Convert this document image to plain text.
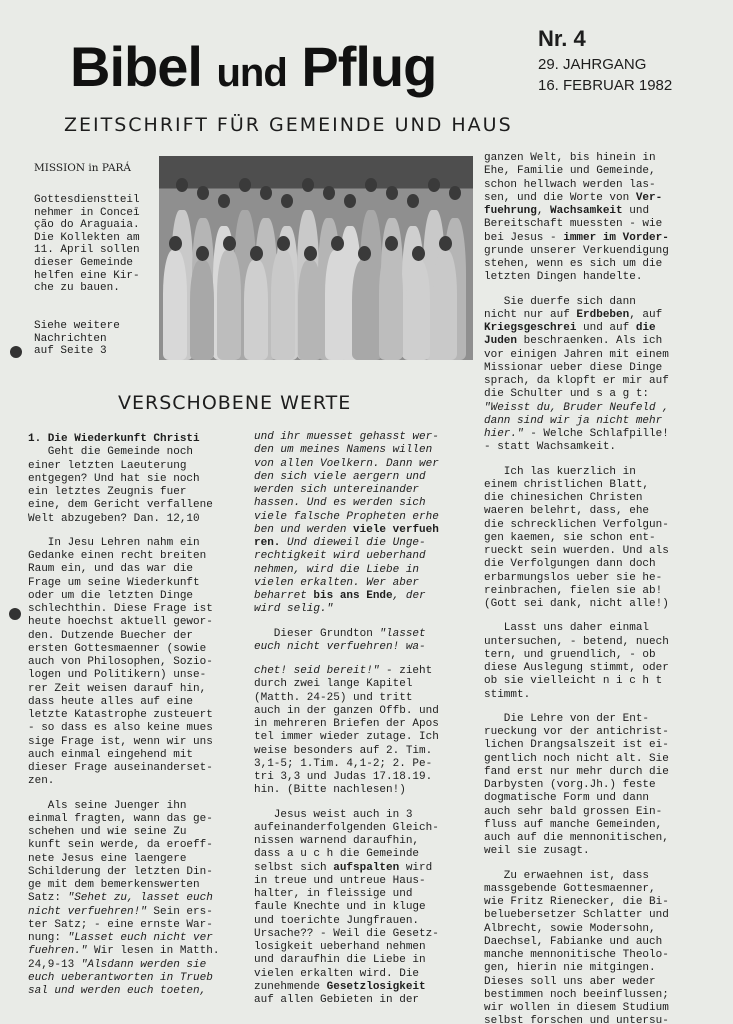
Bibel und Pflug	Nr. 4
29. JAHRGANG
16. FEBRUAR 1982
ZEITSCHRIFT FÜR GEMEINDE UND HAUS
MISSION in PARÁ
Gottesdienstteil
nehmer in Conceī
ção do Araguaia.
Die Kollekten am
11. April sollen
dieser Gemeinde
helfen eine Kir-
che zu bauen.
Siehe weitere
Nachrichten
auf Seite 3
VERSCHOBENE WERTE
1. Die Wiederkunft Christi
Geht die Gemeinde noch
einer letzten Laeuterung
entgegen? Und hat sie noch
ein letztes Zeugnis fuer
eine, dem Gericht verfallene
Welt abzugeben? Dan. 12,10
In Jesu Lehren nahm ein
Gedanke einen recht breiten
Raum ein, und das war die
Frage um seine Wiederkunft
oder um die letzten Dinge
schlechthin. Diese Frage ist
heute hoechst aktuell gewor-
den. Dutzende Buecher der
ersten Gottesmaenner (sowie
auch von Philosophen, Sozio-
logen und Politikern) unse-
rer Zeit weisen darauf hin,
dass heute alles auf eine
letzte Katastrophe zusteuert
- so dass es also keine mues
sige Frage ist, wenn wir uns
auch einmal eingehend mit
dieser Frage auseinanderset-
zen.
Als seine Juenger ihn
einmal fragten, wann das ge-
schehen und wie seine Zu
kunft sein werde, da eroeff-
nete Jesus eine laengere
Schilderung der letzten Din-
ge mit dem bemerkenswerten
Satz: "Sehet zu, lasset euch
nicht verfuehren!" Sein ers-
ter Satz; - eine ernste War-
nung: "Lasset euch nicht ver
fuehren." Wir lesen in Matth.
24,9-13 "Alsdann werden sie
euch ueberantworten in Trueb
sal und werden euch toeten,
und ihr muesset gehasst wer-
den um meines Namens willen
von allen Voelkern. Dann wer
den sich viele aergern und
werden sich untereinander
hassen. Und es werden sich
viele falsche Propheten erhe
ben und werden viele verfueh
ren. Und dieweil die Unge-
rechtigkeit wird ueberhand
nehmen, wird die Liebe in
vielen erkalten. Wer aber
beharret bis ans Ende, der
wird selig."
Dieser Grundton "lasset
euch nicht verfuehren! wa-
chet! seid bereit!" - zieht
durch zwei lange Kapitel
(Matth. 24-25) und tritt
auch in der ganzen Offb. und
in mehreren Briefen der Apos
tel immer wieder zutage. Ich
weise besonders auf 2. Tim.
3,1-5; 1.Tim. 4,1-2; 2. Pe-
tri 3,3 und Judas 17.18.19.
hin. (Bitte nachlesen!)
Jesus weist auch in 3
aufeinanderfolgenden Gleich-
nissen warnend daraufhin,
dass a u c h die Gemeinde
selbst sich aufspalten wird
in treue und untreue Haus-
halter, in fleissige und
faule Knechte und in kluge
und toerichte Jungfrauen.
Ursache?? - Weil die Gesetz-
losigkeit ueberhand nehmen
und daraufhin die Liebe in
vielen erkalten wird. Die
zunehmende Gesetzlosigkeit
auf allen Gebieten in der
ganzen Welt, bis hinein in
Ehe, Familie und Gemeinde,
schon hellwach werden las-
sen, und die Worte von Ver-
fuehrung, Wachsamkeit und
Bereitschaft muessten - wie
bei Jesus - immer im Vorder-
grunde unserer Verkuendigung
stehen, wenn es sich um die
letzten Dingen handelte.
Sie duerfe sich dann
nicht nur auf Erdbeben, auf
Kriegsgeschrei und auf die
Juden beschraenken. Als ich
vor einigen Jahren mit einem
Missionar ueber diese Dinge
sprach, da klopft er mir auf
die Schulter und s a g t:
"Weisst du, Bruder Neufeld ,
dann sind wir ja nicht mehr
hier." - Welche Schlafpille!
- statt Wachsamkeit.
Ich las kuerzlich in
einem christlichen Blatt,
die chinesichen Christen
waeren belehrt, dass, ehe
die schrecklichen Verfolgun-
gen kaemen, sie schon ent-
rueckt sein wuerden. Und als
die Verfolgungen dann doch
erbarmungslos ueber sie he-
reinbrachen, fielen sie ab!
(Gott sei dank, nicht alle!)
Lasst uns daher einmal
untersuchen, - betend, nuech
tern, und gruendlich, - ob
diese Auslegung stimmt, oder
ob sie vielleicht n i c h t
stimmt.
Die Lehre von der Ent-
rueckung vor der antichrist-
lichen Drangsalszeit ist ei-
gentlich noch nicht alt. Sie
fand erst nur mehr durch die
Darbysten (vorg.Jh.) feste
dogmatische Form und dann
auch sehr bald grossen Ein-
fluss auf manche Gemeinden,
auch auf die mennonitischen,
weil sie zusagt.
Zu erwaehnen ist, dass
massgebende Gottesmaenner,
wie Fritz Rienecker, die Bi-
beluebersetzer Schlatter und
Albrecht, sowie Modersohn,
Daechsel, Fabianke und auch
manche mennonitische Theolo-
gen, hierin nie mitgingen.
Dieses soll uns aber weder
bestimmen noch beeinflussen;
wir wollen in diesem Studium
selbst forschen und untersu-
